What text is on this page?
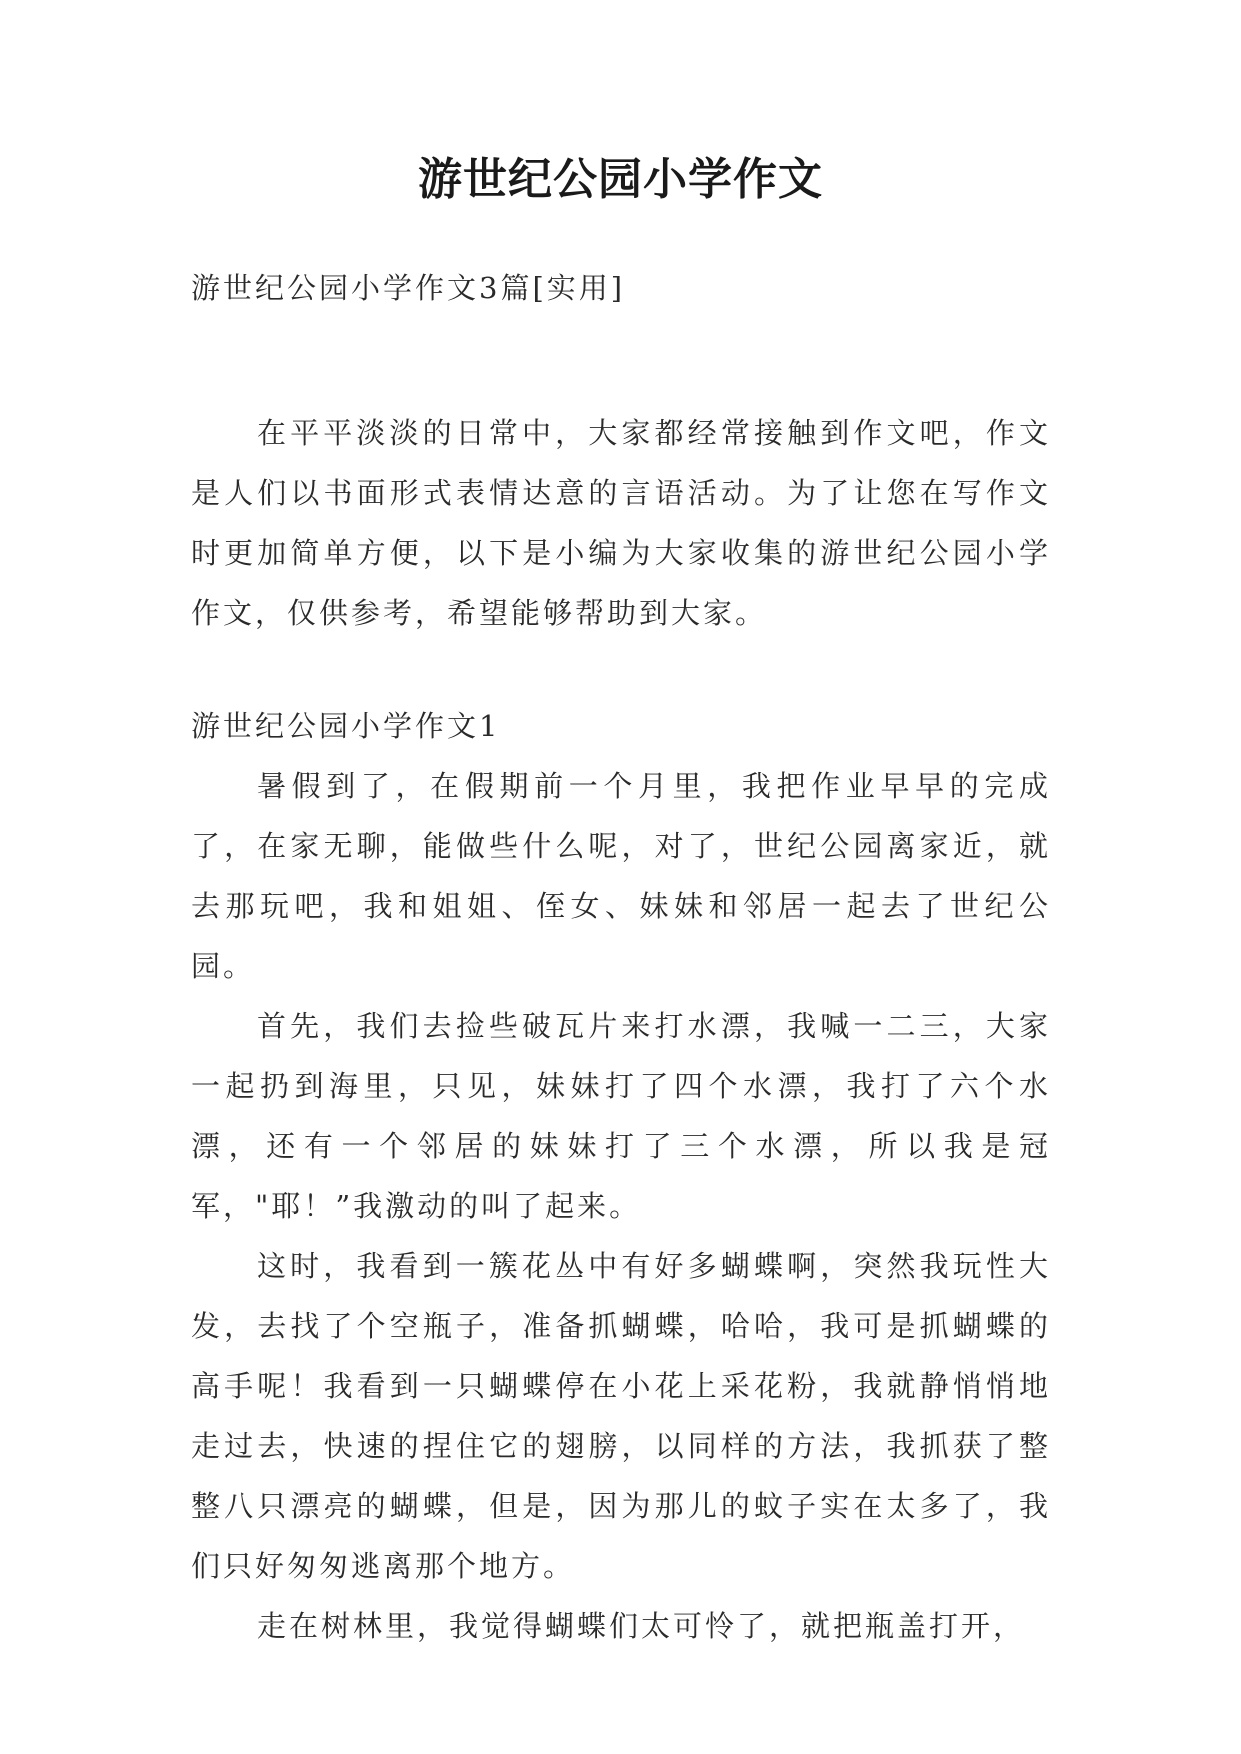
游世纪公园小学作文

游世纪公园小学作文3篇[实用]

在平平淡淡的日常中，大家都经常接触到作文吧，作文是人们以书面形式表情达意的言语活动。为了让您在写作文时更加简单方便，以下是小编为大家收集的游世纪公园小学作文，仅供参考，希望能够帮助到大家。

游世纪公园小学作文1

暑假到了，在假期前一个月里，我把作业早早的完成了，在家无聊，能做些什么呢，对了，世纪公园离家近，就去那玩吧，我和姐姐、侄女、妹妹和邻居一起去了世纪公园。

首先，我们去捡些破瓦片来打水漂，我喊一二三，大家一起扔到海里，只见，妹妹打了四个水漂，我打了六个水漂，还有一个邻居的妹妹打了三个水漂，所以我是冠军，"耶！”我激动的叫了起来。

这时，我看到一簇花丛中有好多蝴蝶啊，突然我玩性大发，去找了个空瓶子，准备抓蝴蝶，哈哈，我可是抓蝴蝶的高手呢！我看到一只蝴蝶停在小花上采花粉，我就静悄悄地走过去，快速的捏住它的翅膀，以同样的方法，我抓获了整整八只漂亮的蝴蝶，但是，因为那儿的蚊子实在太多了，我们只好匆匆逃离那个地方。

走在树林里，我觉得蝴蝶们太可怜了，就把瓶盖打开，
